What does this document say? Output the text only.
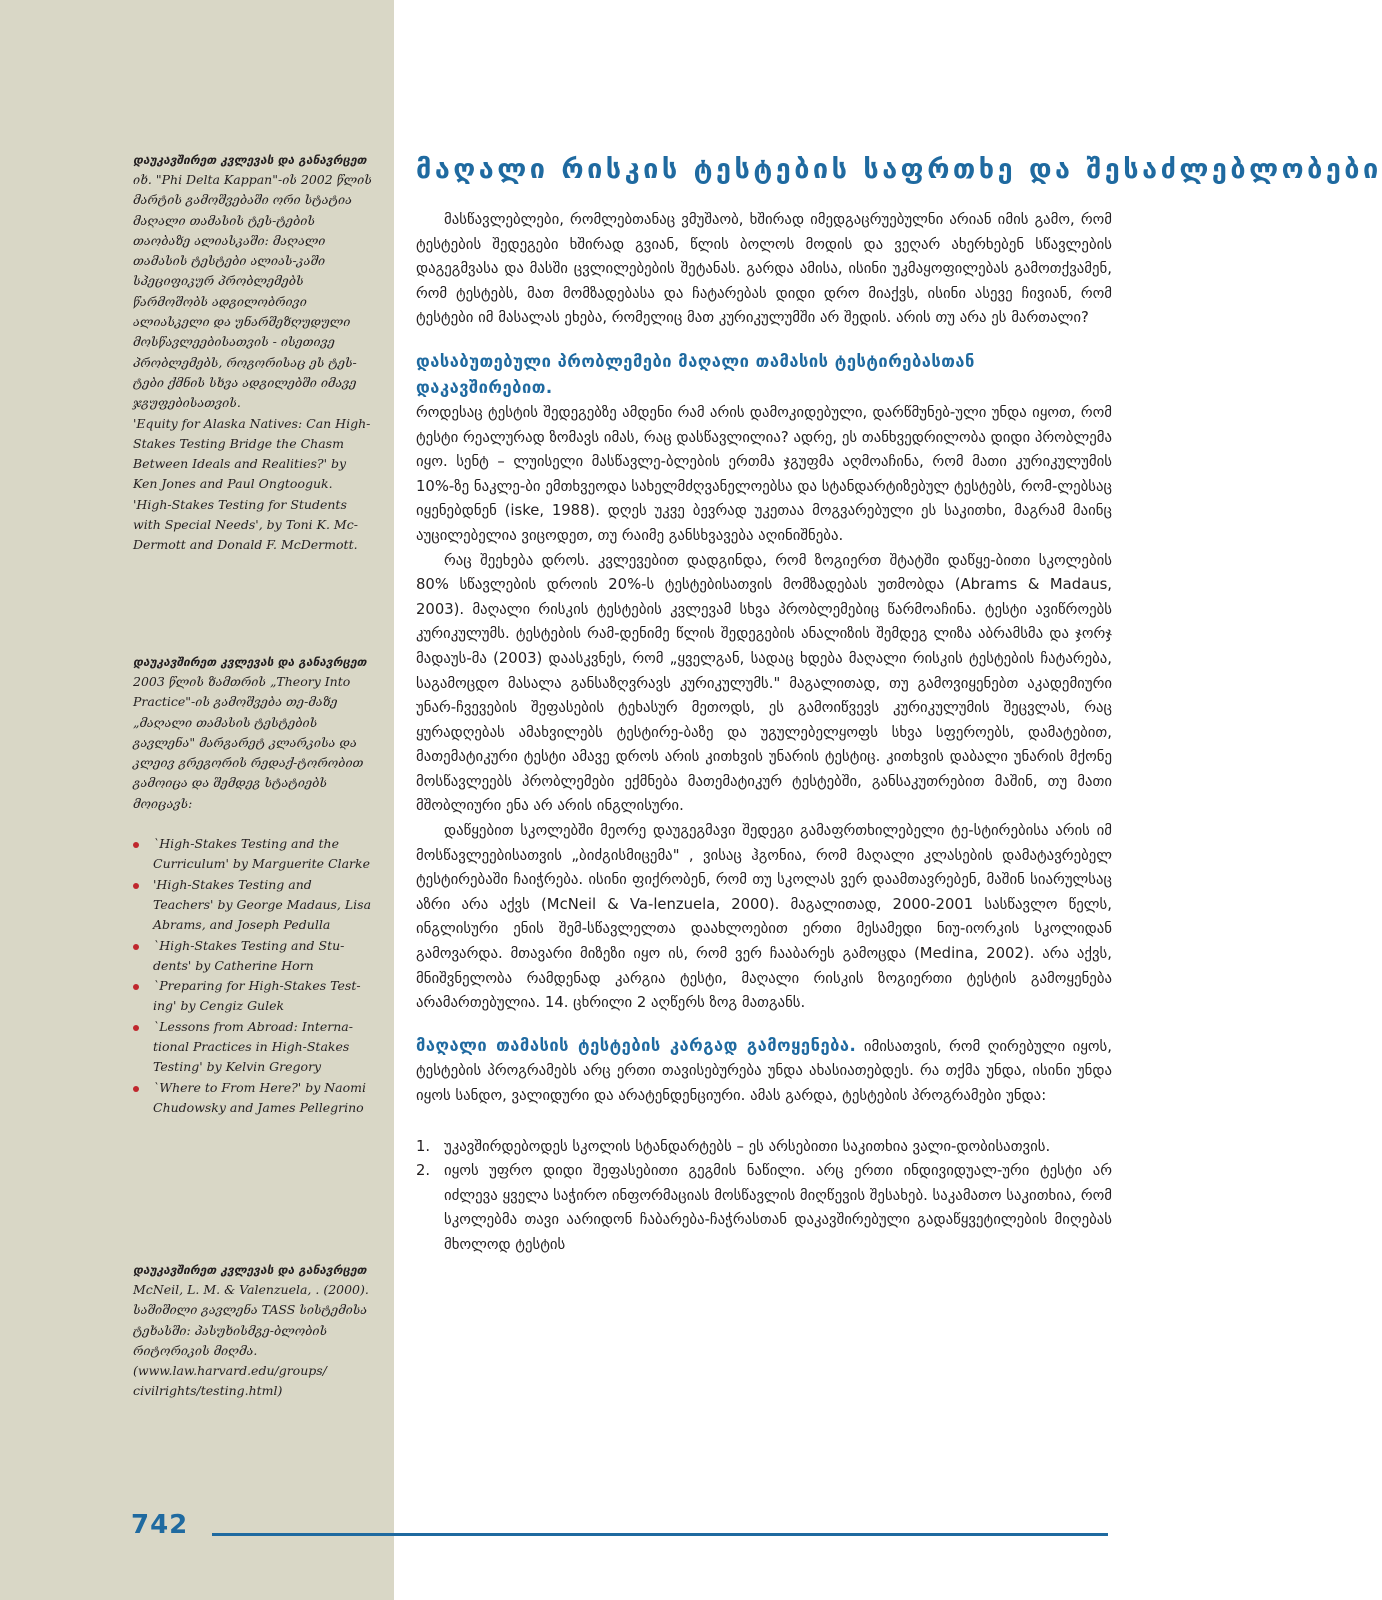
დაუკავშირეთ კვლევას და განავრცეთ
იხ. "Phi Delta Kappan"-ის 2002 წლის მარტის გამოშვებაში ორი სტატია მაღალი თამასის ტეს-ტების თაობაზე ალიასკაში: მაღალი თამასის ტესტები ალიას-კაში სპეციფიკურ პრობლემებს წარმოშობს ადგილობრივი ალიასკელი და უნარშეზღუდული მოსწავლეებისათვის - ისეთივე პრობლემებს, როგორისაც ეს ტეს-ტები ქმნის სხვა ადგილებში იმავე ჯგუფებისათვის.
'Equity for Alaska Natives: Can High-Stakes Testing Bridge the Chasm Between Ideals and Realities?' by Ken Jones and Paul Ongtooguk.
'High-Stakes Testing for Students with Special Needs', by Toni K. Mc-Dermott and Donald F. McDermott.
დაუკავშირეთ კვლევას და განავრცეთ
2003 წლის ზამთრის „Theory Into Practice"-ის გამოშვება თე-მაზე „მაღალი თამასის ტესტების გავლენა" მარგარეტ კლარკისა და კლეივ გრეგორის რედაქ-ტორობით გამოიცა და შემდეგ სტატიებს მოიცავს:
`High-Stakes Testing and the Curriculum' by Marguerite Clarke
'High-Stakes Testing and Teachers' by George Madaus, Lisa Abrams, and Joseph Pedulla
`High-Stakes Testing and Stu-dents' by Catherine Horn
`Preparing for High-Stakes Test-ing' by Cengiz Gulek
`Lessons from Abroad: Interna-tional Practices in High-Stakes Testing' by Kelvin Gregory
`Where to From Here?' by Naomi Chudowsky and James Pellegrino
დაუკავშირეთ კვლევას და განავრცეთ
McNeil, L. M. & Valenzuela, . (2000). საშიშილი გავლენა TASS სისტემისა ტეხასში: პასუხისმგე-ბლობის რიტორიკის მიღმა.
(www.law.harvard.edu/groups/ civilrights/testing.html)
742
მაღალი რისკის ტესტების საფრთხე და შესაძლებლობები

მასწავლებლები, რომლებთანაც ვმუშაობ, ხშირად იმედგაცრუებულნი არიან იმის გამო, რომ ტესტების შედეგები ხშირად გვიან, წლის ბოლოს მოდის და ვეღარ ახერხებენ სწავლების დაგეგმვასა და მასში ცვლილებების შეტანას. გარდა ამისა, ისინი უკმაყოფილებას გამოთქვამენ, რომ ტესტებს, მათ მომზადებასა და ჩატარებას დიდი დრო მიაქვს, ისინი ასევე ჩივიან, რომ ტესტები იმ მასალას ეხება, რომელიც მათ კურიკულუმში არ შედის. არის თუ არა ეს მართალი?

დასაბუთებული პრობლემები მაღალი თამასის ტესტირებასთან დაკავშირებით.

როდესაც ტესტის შედეგებზე ამდენი რამ არის დამოკიდებული, დარწმუნებ-ული უნდა იყოთ, რომ ტესტი რეალურად ზომავს იმას, რაც დასწავლილია? ადრე, ეს თანხვედრილობა დიდი პრობლემა იყო. სენტ – ლუისელი მასწავლე-ბლების ერთმა ჯგუფმა აღმოაჩინა, რომ მათი კურიკულუმის 10%-ზე ნაკლე-ბი ემთხვეოდა სახელმძღვანელოებსა და სტანდარტიზებულ ტესტებს, რომ-ლებსაც იყენებდნენ (iske, 1988). დღეს უკვე ბევრად უკეთაა მოგვარებული ეს საკითხი, მაგრამ მაინც აუცილებელია ვიცოდეთ, თუ რაიმე განსხვავება აღინიშნება.

რაც შეეხება დროს. კვლევებით დადგინდა, რომ ზოგიერთ შტატში დაწყე-ბითი სკოლების 80% სწავლების დროის 20%-ს ტესტებისათვის მომზადებას უთმობდა (Abrams & Madaus, 2003). მაღალი რისკის ტესტების კვლევამ სხვა პრობლემებიც წარმოაჩინა. ტესტი ავიწროებს კურიკულუმს. ტესტების რამ-დენიმე წლის შედეგების ანალიზის შემდეგ ლიზა აბრამსმა და ჯორჯ მადაუს-მა (2003) დაასკვნეს, რომ „ყველგან, სადაც ხდება მაღალი რისკის ტესტების ჩატარება, საგამოცდო მასალა განსაზღვრავს კურიკულუმს." მაგალითად, თუ გამოვიყენებთ აკადემიური უნარ-ჩვევების შეფასების ტეხასურ მეთოდს, ეს გამოიწვევს კურიკულუმის შეცვლას, რაც ყურადღებას ამახვილებს ტესტირე-ბაზე და უგულებელყოფს სხვა სფეროებს, დამატებით, მათემატიკური ტესტი ამავე დროს არის კითხვის უნარის ტესტიც. კითხვის დაბალი უნარის მქონე მოსწავლეებს პრობლემები ექმნება მათემატიკურ ტესტებში, განსაკუთრებით მაშინ, თუ მათი მშობლიური ენა არ არის ინგლისური.

დაწყებით სკოლებში მეორე დაუგეგმავი შედეგი გამაფრთხილებელი ტე-სტირებისა არის იმ მოსწავლეებისათვის „ბიძგისმიცემა" , ვისაც ჰგონია, რომ მაღალი კლასების დამატავრებელ ტესტირებაში ჩაიჭრება. ისინი ფიქრობენ, რომ თუ სკოლას ვერ დაამთავრებენ, მაშინ სიარულსაც აზრი არა აქვს (McNeil & Va-lenzuela, 2000). მაგალითად, 2000-2001 სასწავლო წელს, ინგლისური ენის შემ-სწავლელთა დაახლოებით ერთი მესამედი ნიუ-იორკის სკოლიდან გამოვარდა. მთავარი მიზეზი იყო ის, რომ ვერ ჩააბარეს გამოცდა (Medina, 2002). არა აქვს, მნიშვნელობა რამდენად კარგია ტესტი, მაღალი რისკის ზოგიერთი ტესტის გამოყენება არამართებულია. 14. ცხრილი 2 აღწერს ზოგ მათგანს.

მაღალი თამასის ტესტების კარგად გამოყენება. იმისათვის, რომ ღირებული იყოს, ტესტების პროგრამებს არც ერთი თავისებურება უნდა ახასიათებდეს. რა თქმა უნდა, ისინი უნდა იყოს სანდო, ვალიდური და არატენდენციური. ამას გარდა, ტესტების პროგრამები უნდა:

1. უკავშირდებოდეს სკოლის სტანდარტებს – ეს არსებითი საკითხია ვალი-დობისათვის.
2. იყოს უფრო დიდი შეფასებითი გეგმის ნაწილი. არც ერთი ინდივიდუალ-ური ტესტი არ იძლევა ყველა საჭირო ინფორმაციას მოსწავლის მიღწევის შესახებ. საკამათო საკითხია, რომ სკოლებმა თავი აარიდონ ჩაბარება-ჩაჭრასთან დაკავშირებული გადაწყვეტილების მიღებას მხოლოდ ტესტის
